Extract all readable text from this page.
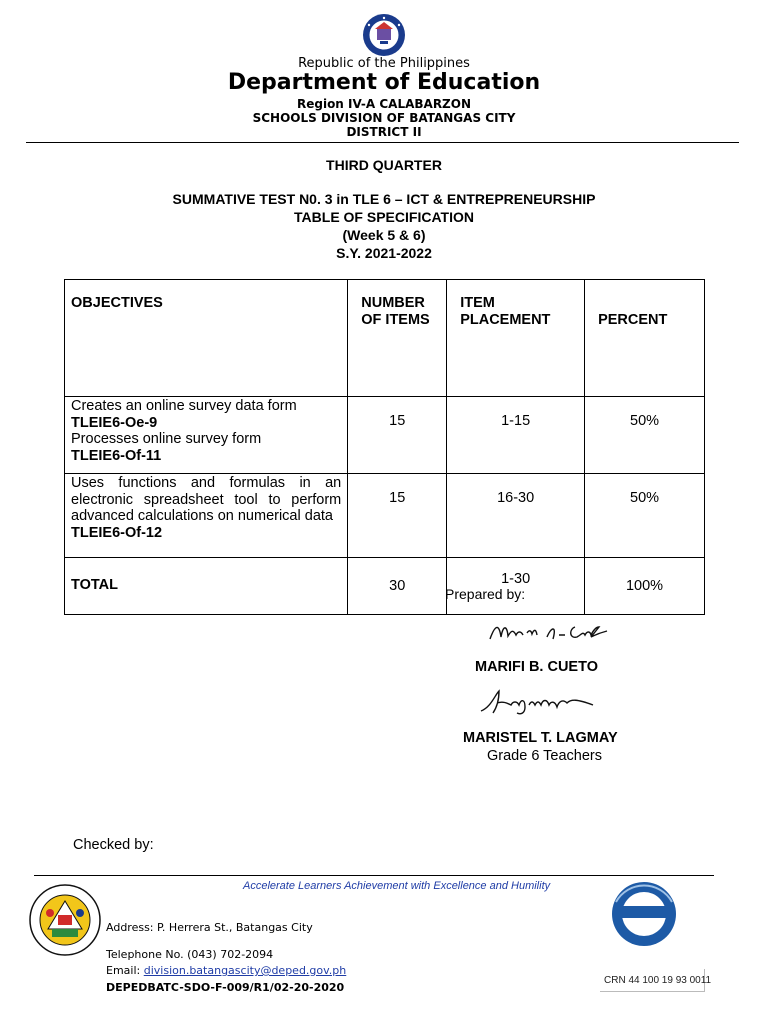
Republic of the Philippines
Department of Education
Region IV-A CALABARZON
SCHOOLS DIVISION OF BATANGAS CITY
DISTRICT II
THIRD QUARTER
SUMMATIVE TEST N0. 3 in TLE 6 – ICT & ENTREPRENEURSHIP
TABLE OF SPECIFICATION
(Week 5 & 6)
S.Y. 2021-2022
OBJECTIVES	NUMBER OF ITEMS	ITEM PLACEMENT	PERCENT

Creates an online survey data form
TLEIE6-Oe-9
Processes online survey form
TLEIE6-Of-11	15	1-15	50%

Uses functions and formulas in an electronic spreadsheet tool to perform advanced calculations on numerical data
TLEIE6-Of-12	15	16-30	50%
TOTAL	30	1-30	100%
Prepared by:
MARIFI B. CUETO
MARISTEL T. LAGMAY
Grade 6 Teachers
Checked by:
Accelerate Learners Achievement with Excellence and Humility
Address: P. Herrera St., Batangas City
Telephone No. (043) 702-2094
Email: division.batangascity@deped.gov.ph
DEPEDBATC-SDO-F-009/R1/02-20-2020
CRN 44 100 19 93 0011
